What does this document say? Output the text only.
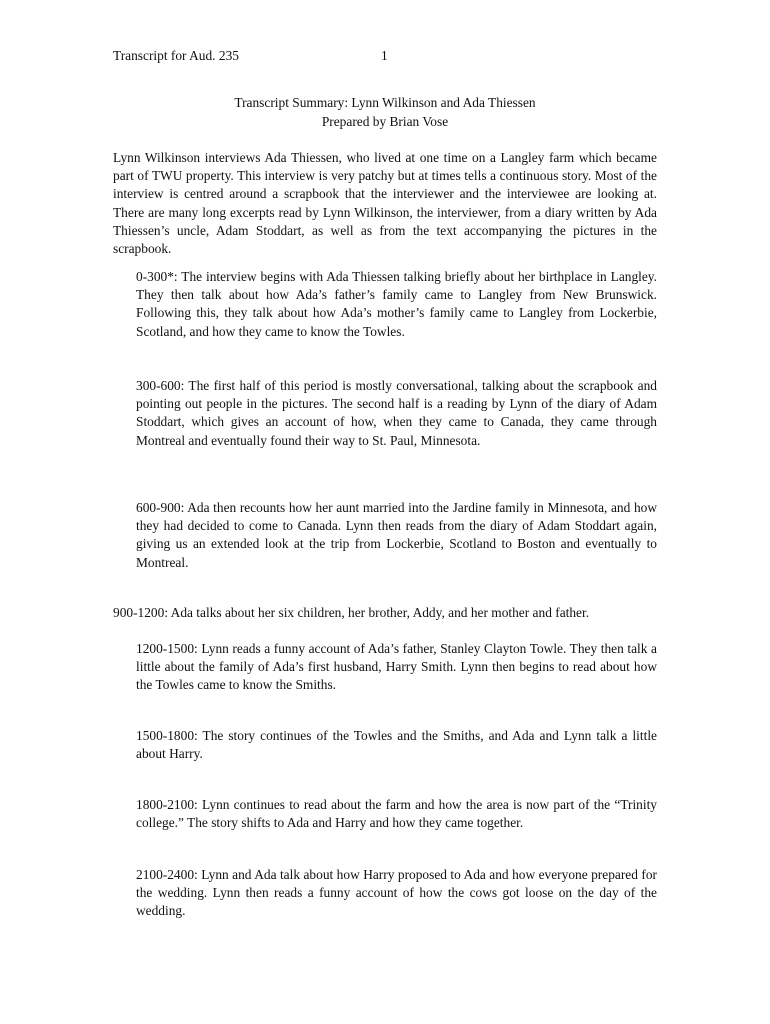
Transcript for Aud. 235	1
Transcript Summary: Lynn Wilkinson and Ada Thiessen
Prepared by Brian Vose

Lynn Wilkinson interviews Ada Thiessen, who lived at one time on a Langley farm which became part of TWU property. This interview is very patchy but at times tells a continuous story. Most of the interview is centred around a scrapbook that the interviewer and the interviewee are looking at. There are many long excerpts read by Lynn Wilkinson, the interviewer, from a diary written by Ada Thiessen’s uncle, Adam Stoddart, as well as from the text accompanying the pictures in the scrapbook.

0-300*: The interview begins with Ada Thiessen talking briefly about her birthplace in Langley. They then talk about how Ada’s father’s family came to Langley from New Brunswick. Following this, they talk about how Ada’s mother’s family came to Langley from Lockerbie, Scotland, and how they came to know the Towles.

300-600: The first half of this period is mostly conversational, talking about the scrapbook and pointing out people in the pictures. The second half is a reading by Lynn of the diary of Adam Stoddart, which gives an account of how, when they came to Canada, they came through Montreal and eventually found their way to St. Paul, Minnesota.

600-900: Ada then recounts how her aunt married into the Jardine family in Minnesota, and how they had decided to come to Canada. Lynn then reads from the diary of Adam Stoddart again, giving us an extended look at the trip from Lockerbie, Scotland to Boston and eventually to Montreal.

900-1200: Ada talks about her six children, her brother, Addy, and her mother and father.

1200-1500: Lynn reads a funny account of Ada’s father, Stanley Clayton Towle. They then talk a little about the family of Ada’s first husband, Harry Smith. Lynn then begins to read about how the Towles came to know the Smiths.

1500-1800: The story continues of the Towles and the Smiths, and Ada and Lynn talk a little about Harry.

1800-2100: Lynn continues to read about the farm and how the area is now part of the “Trinity college.” The story shifts to Ada and Harry and how they came together.

2100-2400: Lynn and Ada talk about how Harry proposed to Ada and how everyone prepared for the wedding. Lynn then reads a funny account of how the cows got loose on the day of the wedding.
